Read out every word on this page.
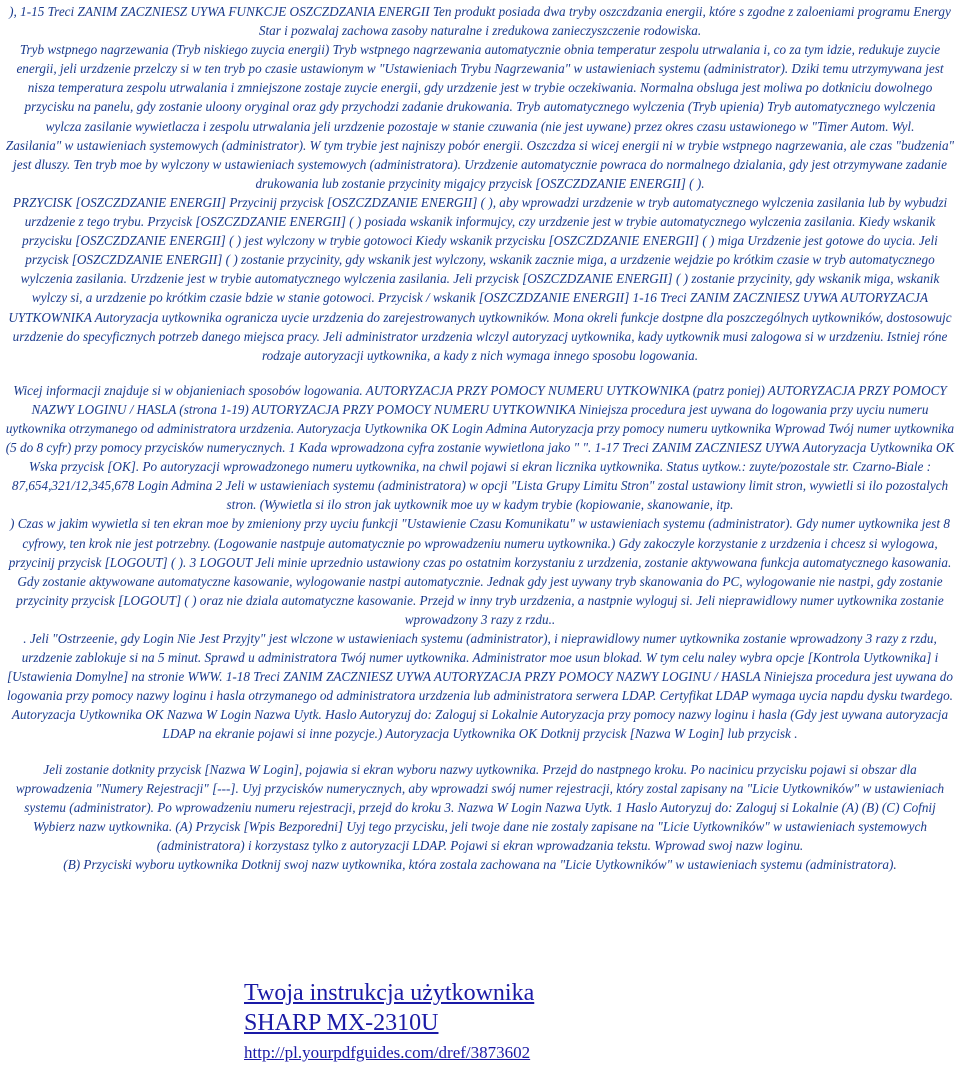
), 1-15 Treci ZANIM ZACZNIESZ UYWA FUNKCJE OSZCZDZANIA ENERGII Ten produkt posiada dwa tryby oszczdzania energii, które s zgodne z zaloeniami programu Energy Star i pozwalaj zachowa zasoby naturalne i zredukowa zanieczyszczenie rodowiska.

Tryb wstpnego nagrzewania (Tryb niskiego zuycia energii) Tryb wstpnego nagrzewania automatycznie obnia temperatur zespolu utrwalania i, co za tym idzie, redukuje zuycie energii, jeli urzdzenie przelczy si w ten tryb po czasie ustawionym w "Ustawieniach Trybu Nagrzewania" w ustawieniach systemu (administrator). Dziki temu utrzymywana jest nisza temperatura zespolu utrwalania i zmniejszone zostaje zuycie energii, gdy urzdzenie jest w trybie oczekiwania. Normalna obsluga jest moliwa po dotkniciu dowolnego przycisku na panelu, gdy zostanie uloony oryginal oraz gdy przychodzi zadanie drukowania. Tryb automatycznego wylczenia (Tryb upienia) Tryb automatycznego wylczenia wylcza zasilanie wywietlacza i zespolu utrwalania jeli urzdzenie pozostaje w stanie czuwania (nie jest uywane) przez okres czasu ustawionego w "Timer Autom. Wyl.

Zasilania" w ustawieniach systemowych (administrator). W tym trybie jest najniszy pobór energii. Oszczdza si wicej energii ni w trybie wstpnego nagrzewania, ale czas "budzenia" jest dluszy. Ten tryb moe by wylczony w ustawieniach systemowych (administratora). Urzdzenie automatycznie powraca do normalnego dzialania, gdy jest otrzymywane zadanie drukowania lub zostanie przycinity migajcy przycisk [OSZCZDZANIE ENERGII] ( ).

PRZYCISK [OSZCZDZANIE ENERGII] Przycinij przycisk [OSZCZDZANIE ENERGII] ( ), aby wprowadzi urzdzenie w tryb automatycznego wylczenia zasilania lub by wybudzi urzdzenie z tego trybu. Przycisk [OSZCZDZANIE ENERGII] ( ) posiada wskanik informujcy, czy urzdzenie jest w trybie automatycznego wylczenia zasilania. Kiedy wskanik przycisku [OSZCZDZANIE ENERGII] ( ) jest wylczony w trybie gotowoci Kiedy wskanik przycisku [OSZCZDZANIE ENERGII] ( ) miga Urzdzenie jest gotowe do uycia. Jeli przycisk [OSZCZDZANIE ENERGII] ( ) zostanie przycinity, gdy wskanik jest wylczony, wskanik zacznie miga, a urzdzenie wejdzie po krótkim czasie w tryb automatycznego wylczenia zasilania. Urzdzenie jest w trybie automatycznego wylczenia zasilania. Jeli przycisk [OSZCZDZANIE ENERGII] ( ) zostanie przycinity, gdy wskanik miga, wskanik wylczy si, a urzdzenie po krótkim czasie bdzie w stanie gotowoci. Przycisk / wskanik [OSZCZDZANIE ENERGII] 1-16 Treci ZANIM ZACZNIESZ UYWA AUTORYZACJA UYTKOWNIKA Autoryzacja uytkownika ogranicza uycie urzdzenia do zarejestrowanych uytkowników. Mona okreli funkcje dostpne dla poszczególnych uytkowników, dostosowujc urzdzenie do specyficznych potrzeb danego miejsca pracy. Jeli administrator urzdzenia wlczyl autoryzacj uytkownika, kady uytkownik musi zalogowa si w urzdzeniu. Istniej róne rodzaje autoryzacji uytkownika, a kady z nich wymaga innego sposobu logowania.

Wicej informacji znajduje si w objanieniach sposobów logowania. AUTORYZACJA PRZY POMOCY NUMERU UYTKOWNIKA (patrz poniej) AUTORYZACJA PRZY POMOCY NAZWY LOGINU / HASLA (strona 1-19) AUTORYZACJA PRZY POMOCY NUMERU UYTKOWNIKA Niniejsza procedura jest uywana do logowania przy uyciu numeru uytkownika otrzymanego od administratora urzdzenia. Autoryzacja Uytkownika OK Login Admina Autoryzacja przy pomocy numeru uytkownika Wprowad Twój numer uytkownika (5 do 8 cyfr) przy pomocy przycisków numerycznych. 1 Kada wprowadzona cyfra zostanie wywietlona jako " ". 1-17 Treci ZANIM ZACZNIESZ UYWA Autoryzacja Uytkownika OK Wska przycisk [OK]. Po autoryzacji wprowadzonego numeru uytkownika, na chwil pojawi si ekran licznika uytkownika. Status uytkow.: zuyte/pozostale str. Czarno-Biale : 87,654,321/12,345,678 Login Admina 2 Jeli w ustawieniach systemu (administratora) w opcji "Lista Grupy Limitu Stron" zostal ustawiony limit stron, wywietli si ilo pozostalych stron. (Wywietla si ilo stron jak uytkownik moe uy w kadym trybie (kopiowanie, skanowanie, itp.

) Czas w jakim wywietla si ten ekran moe by zmieniony przy uyciu funkcji "Ustawienie Czasu Komunikatu" w ustawieniach systemu (administrator). Gdy numer uytkownika jest 8 cyfrowy, ten krok nie jest potrzebny. (Logowanie nastpuje automatycznie po wprowadzeniu numeru uytkownika.) Gdy zakoczyle korzystanie z urzdzenia i chcesz si wylogowa, przycinij przycisk [LOGOUT] ( ). 3 LOGOUT Jeli minie uprzednio ustawiony czas po ostatnim korzystaniu z urzdzenia, zostanie aktywowana funkcja automatycznego kasowania.

Gdy zostanie aktywowane automatyczne kasowanie, wylogowanie nastpi automatycznie. Jednak gdy jest uywany tryb skanowania do PC, wylogowanie nie nastpi, gdy zostanie przycinity przycisk [LOGOUT] ( ) oraz nie dziala automatyczne kasowanie. Przejd w inny tryb urzdzenia, a nastpnie wyloguj si. Jeli nieprawidlowy numer uytkownika zostanie wprowadzony 3 razy z rzdu..

. Jeli "Ostrzeenie, gdy Login Nie Jest Przyjty" jest wlczone w ustawieniach systemu (administrator), i nieprawidlowy numer uytkownika zostanie wprowadzony 3 razy z rzdu, urzdzenie zablokuje si na 5 minut. Sprawd u administratora Twój numer uytkownika. Administrator moe usun blokad. W tym celu naley wybra opcje [Kontrola Uytkownika] i [Ustawienia Domylne] na stronie WWW. 1-18 Treci ZANIM ZACZNIESZ UYWA AUTORYZACJA PRZY POMOCY NAZWY LOGINU / HASLA Niniejsza procedura jest uywana do logowania przy pomocy nazwy loginu i hasla otrzymanego od administratora urzdzenia lub administratora serwera LDAP. Certyfikat LDAP wymaga uycia napdu dysku twardego. Autoryzacja Uytkownika OK Nazwa W Login Nazwa Uytk. Haslo Autoryzuj do: Zaloguj si Lokalnie Autoryzacja przy pomocy nazwy loginu i hasla (Gdy jest uywana autoryzacja LDAP na ekranie pojawi si inne pozycje.) Autoryzacja Uytkownika OK Dotknij przycisk [Nazwa W Login] lub przycisk .

Jeli zostanie dotknity przycisk [Nazwa W Login], pojawia si ekran wyboru nazwy uytkownika. Przejd do nastpnego kroku. Po nacinicu przycisku pojawi si obszar dla wprowadzenia "Numery Rejestracji" [---]. Uyj przycisków numerycznych, aby wprowadzi swój numer rejestracji, który zostal zapisany na "Licie Uytkowników" w ustawieniach systemu (administrator). Po wprowadzeniu numeru rejestracji, przejd do kroku 3. Nazwa W Login Nazwa Uytk. 1 Haslo Autoryzuj do: Zaloguj si Lokalnie (A) (B) (C) Cofnij Wybierz nazw uytkownika. (A) Przycisk [Wpis Bezporedni] Uyj tego przycisku, jeli twoje dane nie zostaly zapisane na "Licie Uytkowników" w ustawieniach systemowych (administratora) i korzystasz tylko z autoryzacji LDAP. Pojawi si ekran wprowadzania tekstu. Wprowad swoj nazw loginu.

(B) Przyciski wyboru uytkownika Dotknij swoj nazw uytkownika, która zostala zachowana na "Licie Uytkowników" w ustawieniach systemu (administratora).

Twoja instrukcja użytkownika
SHARP MX-2310U
http://pl.yourpdfguides.com/dref/3873602
